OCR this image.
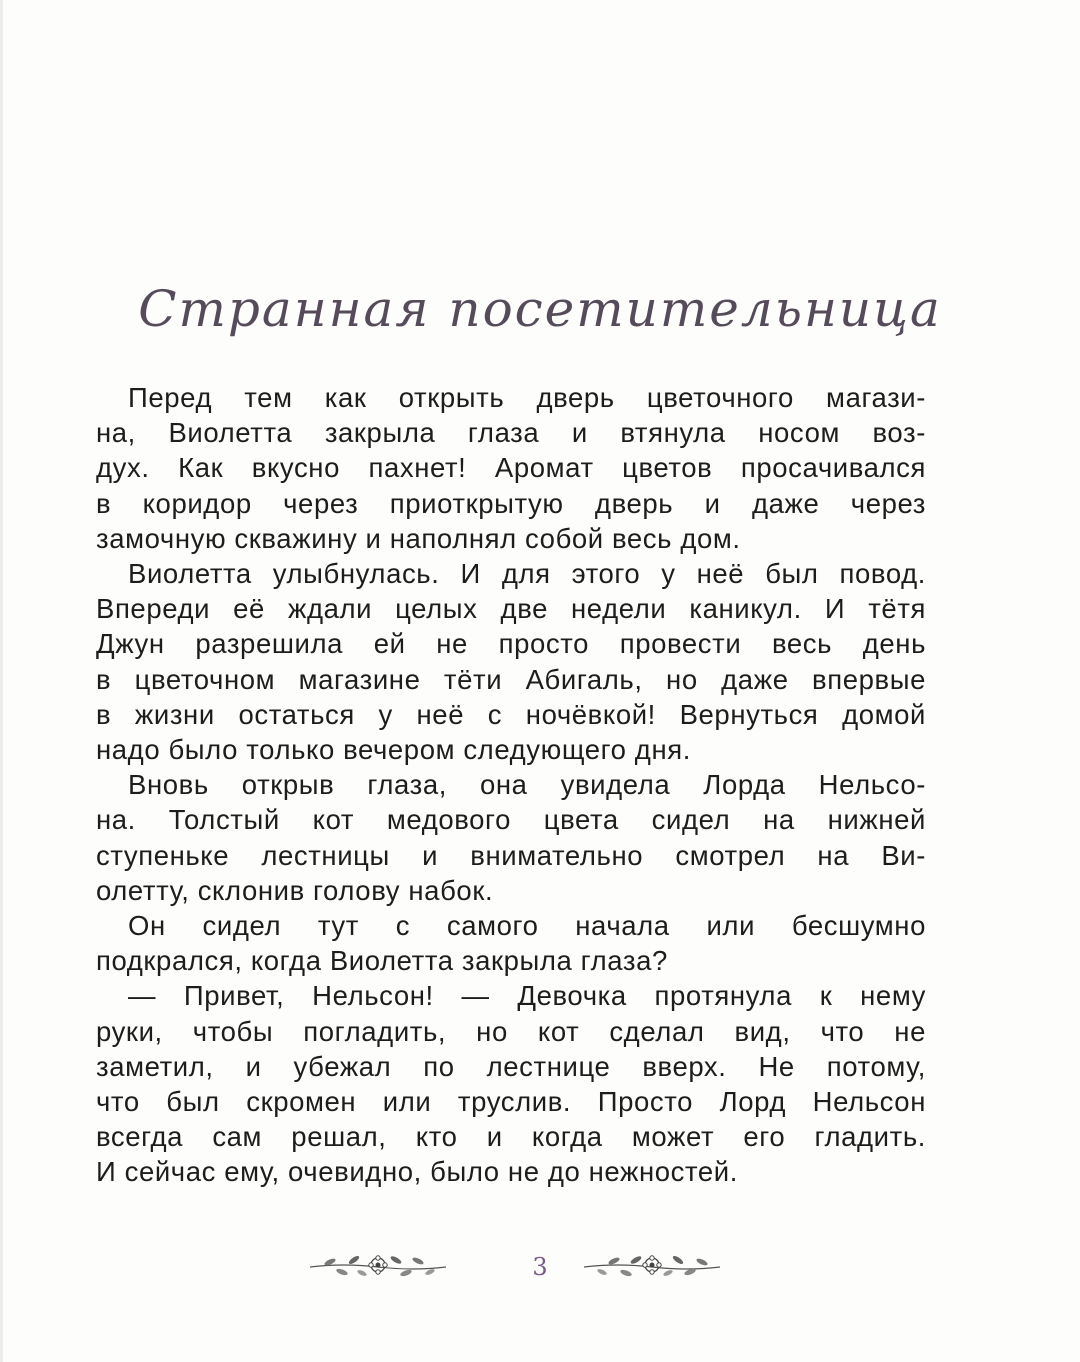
Странная посетительница

Перед тем как открыть дверь цветочного магази-
на, Виолетта закрыла глаза и втянула носом воз-
дух. Как вкусно пахнет! Аромат цветов просачивался
в коридор через приоткрытую дверь и даже через
замочную скважину и наполнял собой весь дом.

Виолетта улыбнулась. И для этого у неё был повод.
Впереди её ждали целых две недели каникул. И тётя
Джун разрешила ей не просто провести весь день
в цветочном магазине тёти Абигаль, но даже впервые
в жизни остаться у неё с ночёвкой! Вернуться домой
надо было только вечером следующего дня.

Вновь открыв глаза, она увидела Лорда Нельсо-
на. Толстый кот медового цвета сидел на нижней
ступеньке лестницы и внимательно смотрел на Ви-
олетту, склонив голову набок.

Он сидел тут с самого начала или бесшумно
подкрался, когда Виолетта закрыла глаза?

— Привет, Нельсон! — Девочка протянула к нему
руки, чтобы погладить, но кот сделал вид, что не
заметил, и убежал по лестнице вверх. Не потому,
что был скромен или труслив. Просто Лорд Нельсон
всегда сам решал, кто и когда может его гладить.
И сейчас ему, очевидно, было не до нежностей.

3
